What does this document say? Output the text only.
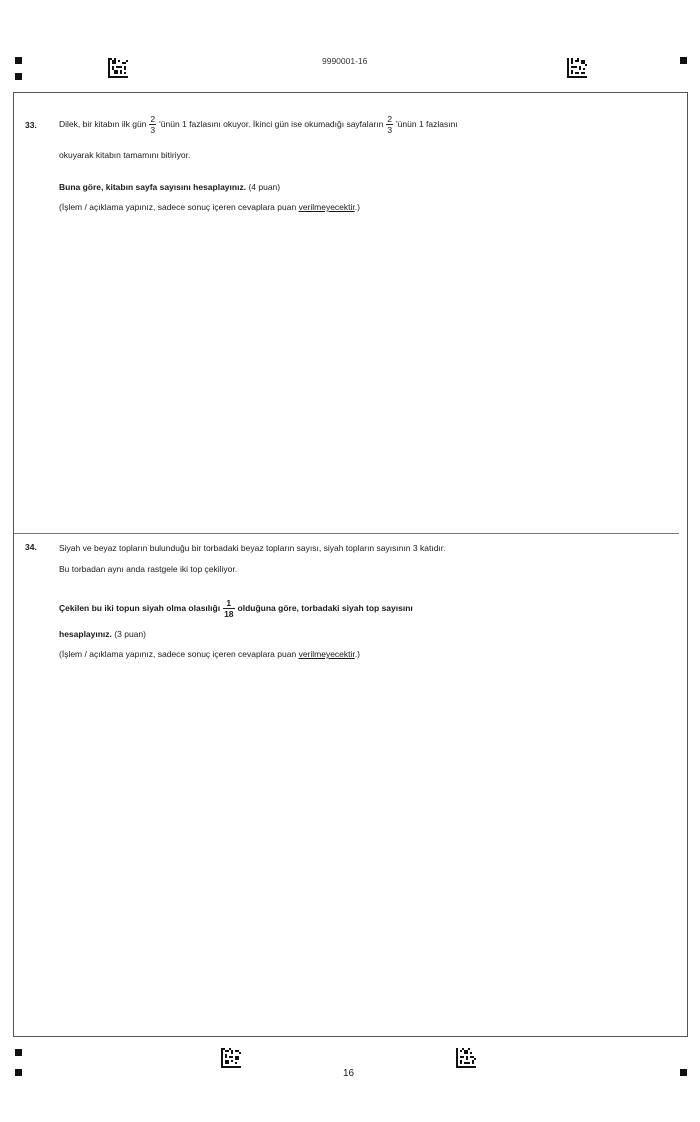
9990001-16
33.	Dilek, bir kitabın ilk gün $\frac{2}{3}$ 'ünün 1 fazlasını okuyor. İkinci gün ise okumadığı sayfaların $\frac{2}{3}$ 'ünün 1 fazlasını
okuyarak kitabın tamamını bitiriyor.
Buna göre, kitabın sayfa sayısını hesaplayınız. (4 puan)
(İşlem / açıklama yapınız, sadece sonuç içeren cevaplara puan verilmeyecektir.)
34.	Siyah ve beyaz topların bulunduğu bir torbadaki beyaz topların sayısı, siyah topların sayısının 3 katıdır.
Bu torbadan aynı anda rastgele iki top çekiliyor.
Çekilen bu iki topun siyah olma olasılığı $\frac{1}{18}$ olduğuna göre, torbadaki siyah top sayısını
hesaplayınız. (3 puan)
(İşlem / açıklama yapınız, sadece sonuç içeren cevaplara puan verilmeyecektir.)
16
